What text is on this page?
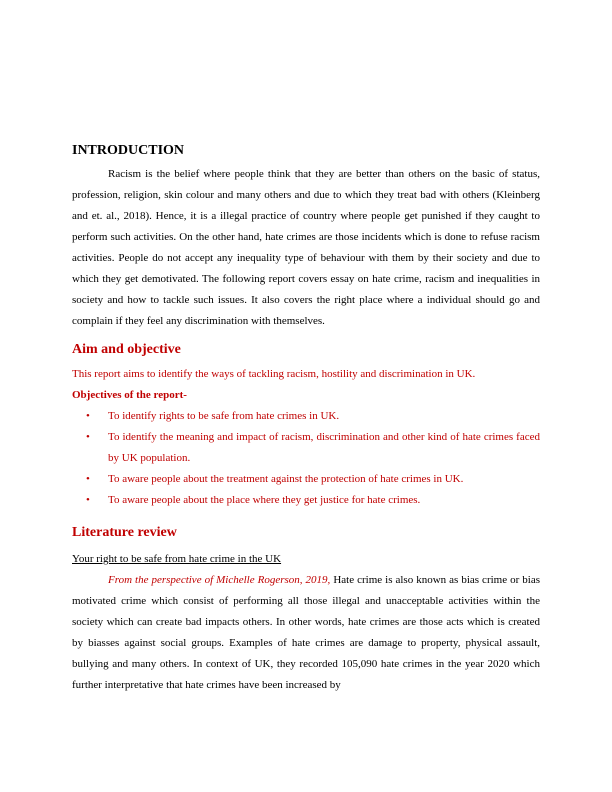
INTRODUCTION

Racism is the belief where people think that they are better than others on the basic of status, profession, religion, skin colour and many others and due to which they treat bad with others (Kleinberg and et. al., 2018). Hence, it is a illegal practice of country where people get punished if they caught to perform such activities. On the other hand, hate crimes are those incidents which is done to refuse racism activities. People do not accept any inequality type of behaviour with them by their society and due to which they get demotivated. The following report covers essay on hate crime, racism and inequalities in society and how to tackle such issues. It also covers the right place where a individual should go and complain if they feel any discrimination with themselves.

Aim and objective

This report aims to identify the ways of tackling racism, hostility and discrimination in UK.

Objectives of the report-

• To identify rights to be safe from hate crimes in UK.
• To identify the meaning and impact of racism, discrimination and other kind of hate crimes faced by UK population.
• To aware people about the treatment against the protection of hate crimes in UK.
• To aware people about the place where they get justice for hate crimes.
Literature review

Your right to be safe from hate crime in the UK

From the perspective of Michelle Rogerson, 2019, Hate crime is also known as bias crime or bias motivated crime which consist of performing all those illegal and unacceptable activities within the society which can create bad impacts others. In other words, hate crimes are those acts which is created by biasses against social groups. Examples of hate crimes are damage to property, physical assault, bullying and many others. In context of UK, they recorded 105,090 hate crimes in the year 2020 which further interpretative that hate crimes have been increased by
